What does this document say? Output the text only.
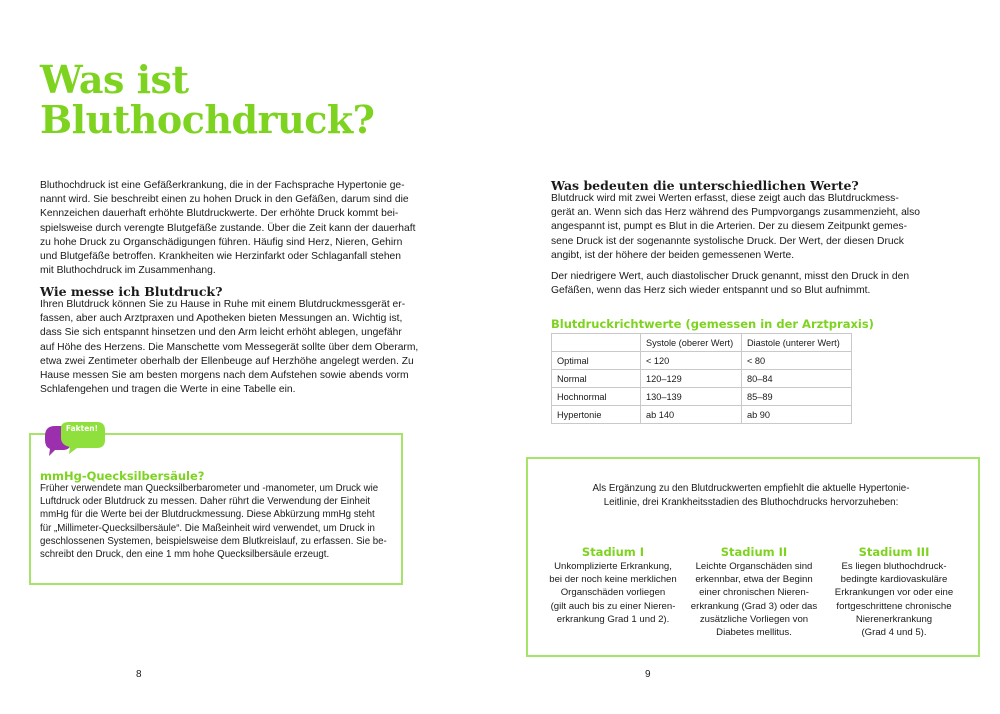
Was ist
Bluthochdruck?
Bluthochdruck ist eine Gefäßerkrankung, die in der Fachsprache Hypertonie ge-
nannt wird. Sie beschreibt einen zu hohen Druck in den Gefäßen, darum sind die
Kennzeichen dauerhaft erhöhte Blutdruckwerte. Der erhöhte Druck kommt bei-
spielsweise durch verengte Blutgefäße zustande. Über die Zeit kann der dauerhaft
zu hohe Druck zu Organschädigungen führen. Häufig sind Herz, Nieren, Gehirn
und Blutgefäße betroffen. Krankheiten wie Herzinfarkt oder Schlaganfall stehen
mit Bluthochdruck im Zusammenhang.
Wie messe ich Blutdruck?
Ihren Blutdruck können Sie zu Hause in Ruhe mit einem Blutdruckmessgerät er-
fassen, aber auch Arztpraxen und Apotheken bieten Messungen an. Wichtig ist,
dass Sie sich entspannt hinsetzen und den Arm leicht erhöht ablegen, ungefähr
auf Höhe des Herzens. Die Manschette vom Messegerät sollte über dem Oberarm,
etwa zwei Zentimeter oberhalb der Ellenbeuge auf Herzhöhe angelegt werden. Zu
Hause messen Sie am besten morgens nach dem Aufstehen sowie abends vorm
Schlafengehen und tragen die Werte in eine Tabelle ein.
Fakten!
mmHg-Quecksilbersäule?
Früher verwendete man Quecksilberbarometer und -manometer, um Druck wie
Luftdruck oder Blutdruck zu messen. Daher rührt die Verwendung der Einheit
mmHg für die Werte bei der Blutdruckmessung. Diese Abkürzung mmHg steht
für „Millimeter-Quecksilbersäule“. Die Maßeinheit wird verwendet, um Druck in
geschlossenen Systemen, beispielsweise dem Blutkreislauf, zu erfassen. Sie be-
schreibt den Druck, den eine 1 mm hohe Quecksilbersäule erzeugt.
8
Was bedeuten die unterschiedlichen Werte?
Blutdruck wird mit zwei Werten erfasst, diese zeigt auch das Blutdruckmess-
gerät an. Wenn sich das Herz während des Pumpvorgangs zusammenzieht, also
angespannt ist, pumpt es Blut in die Arterien. Der zu diesem Zeitpunkt gemes-
sene Druck ist der sogenannte systolische Druck. Der Wert, der diesen Druck
angibt, ist der höhere der beiden gemessenen Werte.
Der niedrigere Wert, auch diastolischer Druck genannt, misst den Druck in den
Gefäßen, wenn das Herz sich wieder entspannt und so Blut aufnimmt.
Blutdruckrichtwerte (gemessen in der Arztpraxis)
	Systole (oberer Wert)	Diastole (unterer Wert)
Optimal	< 120	< 80
Normal	120–129	80–84
Hochnormal	130–139	85–89
Hypertonie	ab 140	ab 90
Als Ergänzung zu den Blutdruckwerten empfiehlt die aktuelle Hypertonie-
Leitlinie, drei Krankheitsstadien des Bluthochdrucks hervorzuheben:
Stadium I
Unkomplizierte Erkrankung,
bei der noch keine merklichen
Organschäden vorliegen
(gilt auch bis zu einer Nieren-
erkrankung Grad 1 und 2).
Stadium II
Leichte Organschäden sind
erkennbar, etwa der Beginn
einer chronischen Nieren-
erkrankung (Grad 3) oder das
zusätzliche Vorliegen von
Diabetes mellitus.
Stadium III
Es liegen bluthochdruck-
bedingte kardiovaskuläre
Erkrankungen vor oder eine
fortgeschrittene chronische
Nierenerkrankung
(Grad 4 und 5).
9
